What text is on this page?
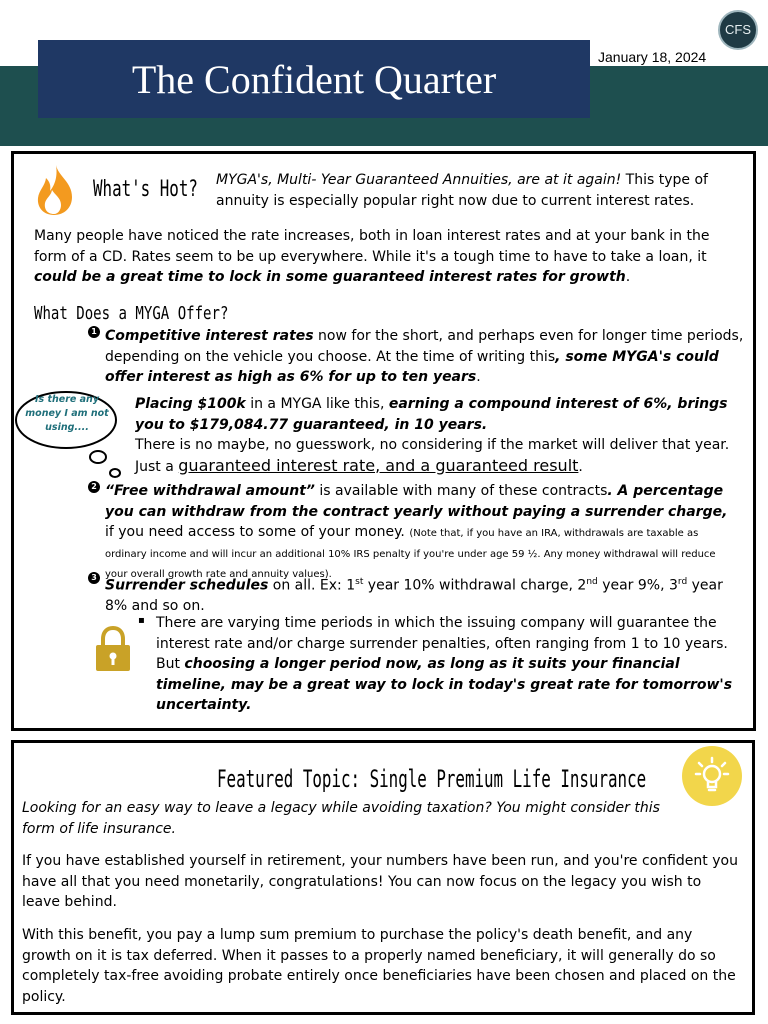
The Confident Quarter	January 18, 2024
CFS
What's Hot? MYGA's, Multi- Year Guaranteed Annuities, are at it again! This type of annuity is especially popular right now due to current interest rates.
Many people have noticed the rate increases, both in loan interest rates and at your bank in the form of a CD. Rates seem to be up everywhere. While it's a tough time to have to take a loan, it could be a great time to lock in some guaranteed interest rates for growth.
What Does a MYGA Offer?
1 Competitive interest rates now for the short, and perhaps even for longer time periods, depending on the vehicle you choose. At the time of writing this, some MYGA's could offer interest as high as 6% for up to ten years.
Is there any money I am not using....
Placing $100k in a MYGA like this, earning a compound interest of 6%, brings you to $179,084.77 guaranteed, in 10 years.
There is no maybe, no guesswork, no considering if the market will deliver that year.
Just a guaranteed interest rate, and a guaranteed result.
2 “Free withdrawal amount” is available with many of these contracts. A percentage you can withdraw from the contract yearly without paying a surrender charge, if you need access to some of your money. (Note that, if you have an IRA, withdrawals are taxable as ordinary income and will incur an additional 10% IRS penalty if you're under age 59 ½. Any money withdrawal will reduce your overall growth rate and annuity values).
3
Surrender schedules on all. Ex: 1st year 10% withdrawal charge, 2nd year 9%, 3rd year 8% and so on.
▪ There are varying time periods in which the issuing company will guarantee the interest rate and/or charge surrender penalties, often ranging from 1 to 10 years. But choosing a longer period now, as long as it suits your financial timeline, may be a great way to lock in today's great rate for tomorrow's uncertainty.
Featured Topic: Single Premium Life Insurance
Looking for an easy way to leave a legacy while avoiding taxation? You might consider this form of life insurance.
If you have established yourself in retirement, your numbers have been run, and you're confident you have all that you need monetarily, congratulations! You can now focus on the legacy you wish to leave behind.
With this benefit, you pay a lump sum premium to purchase the policy's death benefit, and any growth on it is tax deferred. When it passes to a properly named beneficiary, it will generally do so completely tax-free avoiding probate entirely once beneficiaries have been chosen and placed on the policy.
